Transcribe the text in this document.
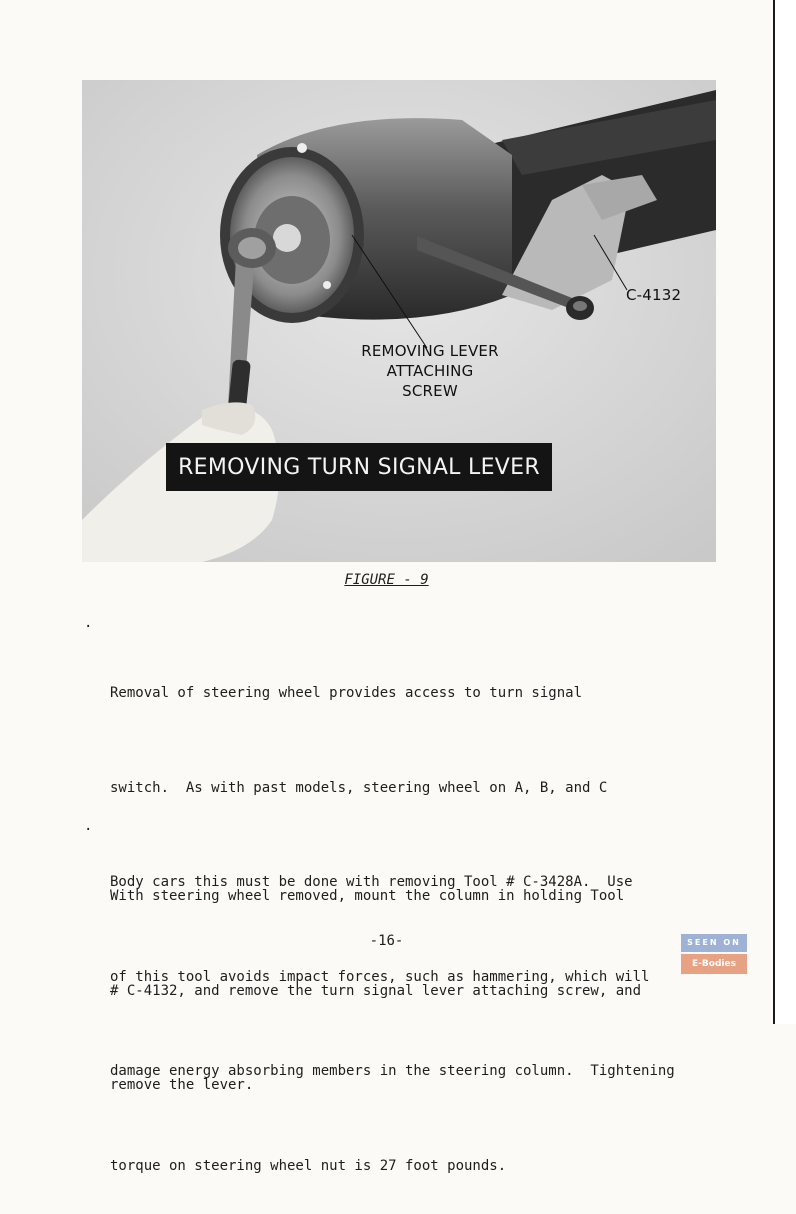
REMOVING LEVER
ATTACHING SCREW
C-4132
REMOVING TURN SIGNAL LEVER
FIGURE - 9
.

Removal of steering wheel provides access to turn signal

switch.  As with past models, steering wheel on A, B, and C

Body cars this must be done with removing Tool # C-3428A.  Use

of this tool avoids impact forces, such as hammering, which will

damage energy absorbing members in the steering column.  Tightening

torque on steering wheel nut is 27 foot pounds.

.

With steering wheel removed, mount the column in holding Tool

# C-4132, and remove the turn signal lever attaching screw, and

remove the lever.

-16-	SEEN ON
E-Bodies
